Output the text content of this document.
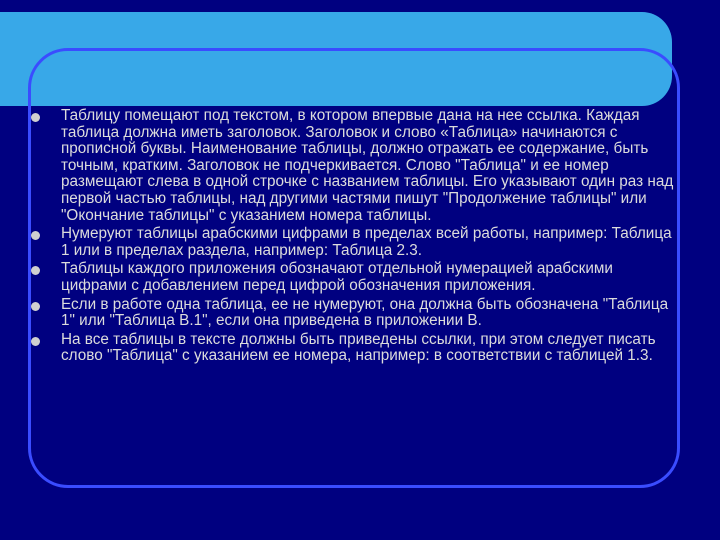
Таблицу помещают под текстом, в котором впервые дана на нее ссылка. Каждая таблица должна иметь заголовок. Заголовок и слово «Таблица» начинаются с прописной буквы. Наименование таблицы, должно отражать ее содержание, быть точным, кратким. Заголовок не подчеркивается. Слово "Таблица" и ее номер размещают слева в одной строчке с названием таблицы. Его указывают один раз над первой частью таблицы, над другими частями пишут "Продолжение таблицы" или "Окончание таблицы" с указанием номера таблицы.
Нумеруют таблицы арабскими цифрами в пределах всей работы, например: Таблица 1 или в пределах раздела, например: Таблица 2.3.
Таблицы каждого приложения обозначают отдельной нумерацией арабскими цифрами с добавлением перед цифрой обозначения приложения.
Если в работе одна таблица, ее не нумеруют, она должна быть обозначена "Таблица 1" или "Таблица В.1", если она приведена в приложении В.
На все таблицы в тексте должны быть приведены ссылки, при этом следует писать слово "Таблица" с указанием ее номера, например: в соответствии с таблицей 1.3.
